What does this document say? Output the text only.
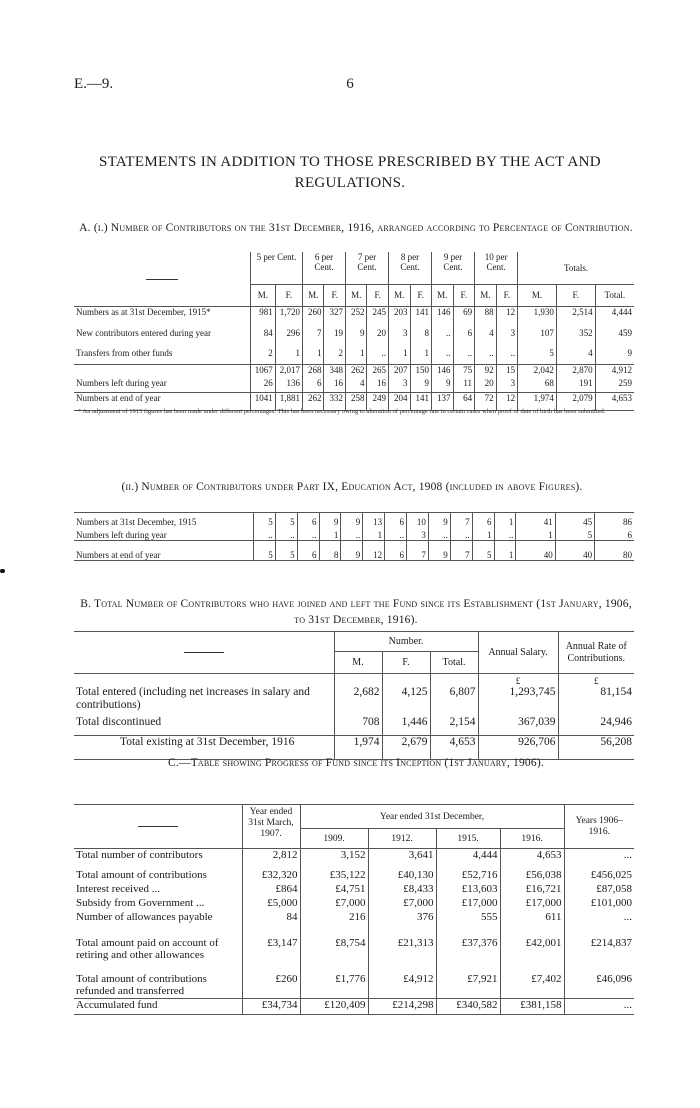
E.—9.	6
STATEMENTS IN ADDITION TO THOSE PRESCRIBED BY THE ACT AND REGULATIONS.
A. (i.) Number of Contributors on the 31st December, 1916, arranged according to Percentage of Contribution.
	5 per Cent.		6 per Cent.		7 per Cent.		8 per Cent.		9 per Cent.		10 per Cent.		Totals.		
	M.	F.	M.	F.	M.	F.	M.	F.	M.	F.	M.	F.	M.	F.	Total.
Numbers as at 31st December, 1915*	981	1,720	260	327	252	245	203	141	146	69	88	12	1,930	2,514	4,444
New contributors entered during year	84	296	7	19	9	20	3	8	..	6	4	3	107	352	459
Transfers from other funds	2	1	1	2	1	..	1	1	..	..	..	..	5	4	9
	1067	2,017	268	348	262	265	207	150	146	75	92	15	2,042	2,870	4,912
Numbers left during year	26	136	6	16	4	16	3	9	9	11	20	3	68	191	259
Numbers at end of year	1041	1,881	262	332	258	249	204	141	137	64	72	12	1,974	2,079	4,653
* An adjustment of 1915 figures has been made under different percentages. This has been necessary owing to alteration of percentage rate in certain cases when proof of date of birth has been submitted.
(ii.) Number of Contributors under Part IX, Education Act, 1908 (included in above Figures).
Numbers at 31st December, 1915	5	5	6	9	9	13	6	10	9	7	6	1	41	45	86
Numbers left during year	..	..	..	1	..	1	..	3	..	..	1	..	1	5	6
Numbers at end of year	5	5	6	8	9	12	6	7	9	7	5	1	40	40	80
B. Total Number of Contributors who have joined and left the Fund since its Establishment (1st January, 1906, to 31st December, 1916).
	Number.			Annual Salary.	Annual Rate of Contributions.
	M.	F.	Total.		
				£	£
Total entered (including net increases in salary and contributions)	2,682	4,125	6,807	1,293,745	81,154
Total discontinued	708	1,446	2,154	367,039	24,946
Total existing at 31st December, 1916	1,974	2,679	4,653	926,706	56,208
C.—Table showing Progress of Fund since its Inception (1st January, 1906).
	Year ended 31st March, 1907.	Year ended 31st December,				Years 1906–1916.
		1909.	1912.	1915.	1916.	
Total number of contributors	2,812	3,152	3,641	4,444	4,653	...
Total amount of contributions	£32,320	£35,122	£40,130	£52,716	£56,038	£456,025
Interest received ...	£864	£4,751	£8,433	£13,603	£16,721	£87,058
Subsidy from Government ...	£5,000	£7,000	£7,000	£17,000	£17,000	£101,000
Number of allowances payable	84	216	376	555	611	...
Total amount paid on account of retiring and other allowances	£3,147	£8,754	£21,313	£37,376	£42,001	£214,837
Total amount of contributions refunded and transferred	£260	£1,776	£4,912	£7,921	£7,402	£46,096
Accumulated fund	£34,734	£120,409	£214,298	£340,582	£381,158	...
